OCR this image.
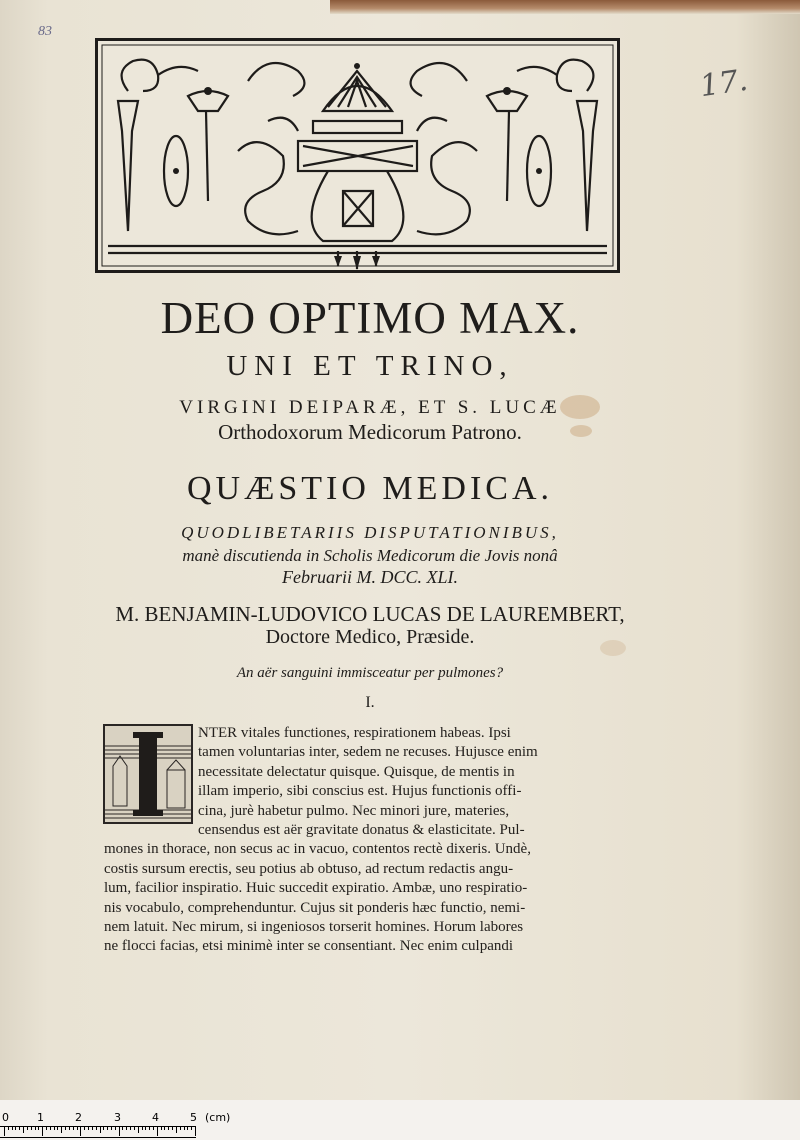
83
17.
DEO OPTIMO MAX.
UNI ET TRINO,
VIRGINI DEIPARÆ, ET S. LUCÆ
Orthodoxorum Medicorum Patrono.
QUÆSTIO MEDICA.
QUODLIBETARIIS DISPUTATIONIBUS,
manè discutienda in Scholis Medicorum die Jovis nonâ
Februarii M. DCC. XLI.
M. BENJAMIN-LUDOVICO LUCAS DE LAUREMBERT,
Doctore Medico, Præside.
An aër sanguini immisceatur per pulmones?
I.
NTER vitales functiones, respirationem habeas. Ipsi
tamen voluntarias inter, sedem ne recuses. Hujusce enim
necessitate delectatur quisque. Quisque, de mentis in
illam imperio, sibi conscius est. Hujus functionis offi-
cina, jurè habetur pulmo. Nec minori jure, materies,
censendus est aër gravitate donatus & elasticitate. Pul-
mones in thorace, non secus ac in vacuo, contentos rectè dixeris. Undè,
costis sursum erectis, seu potius ab obtuso, ad rectum redactis angu-
lum, facilior inspiratio. Huic succedit expiratio. Ambæ, uno respiratio-
nis vocabulo, comprehenduntur. Cujus sit ponderis hæc functio, nemi-
nem latuit. Nec mirum, si ingeniosos torserit homines. Horum labores
ne flocci facias, etsi minimè inter se consentiant. Nec enim culpandi
0	1	2	3	4	5 (cm)
